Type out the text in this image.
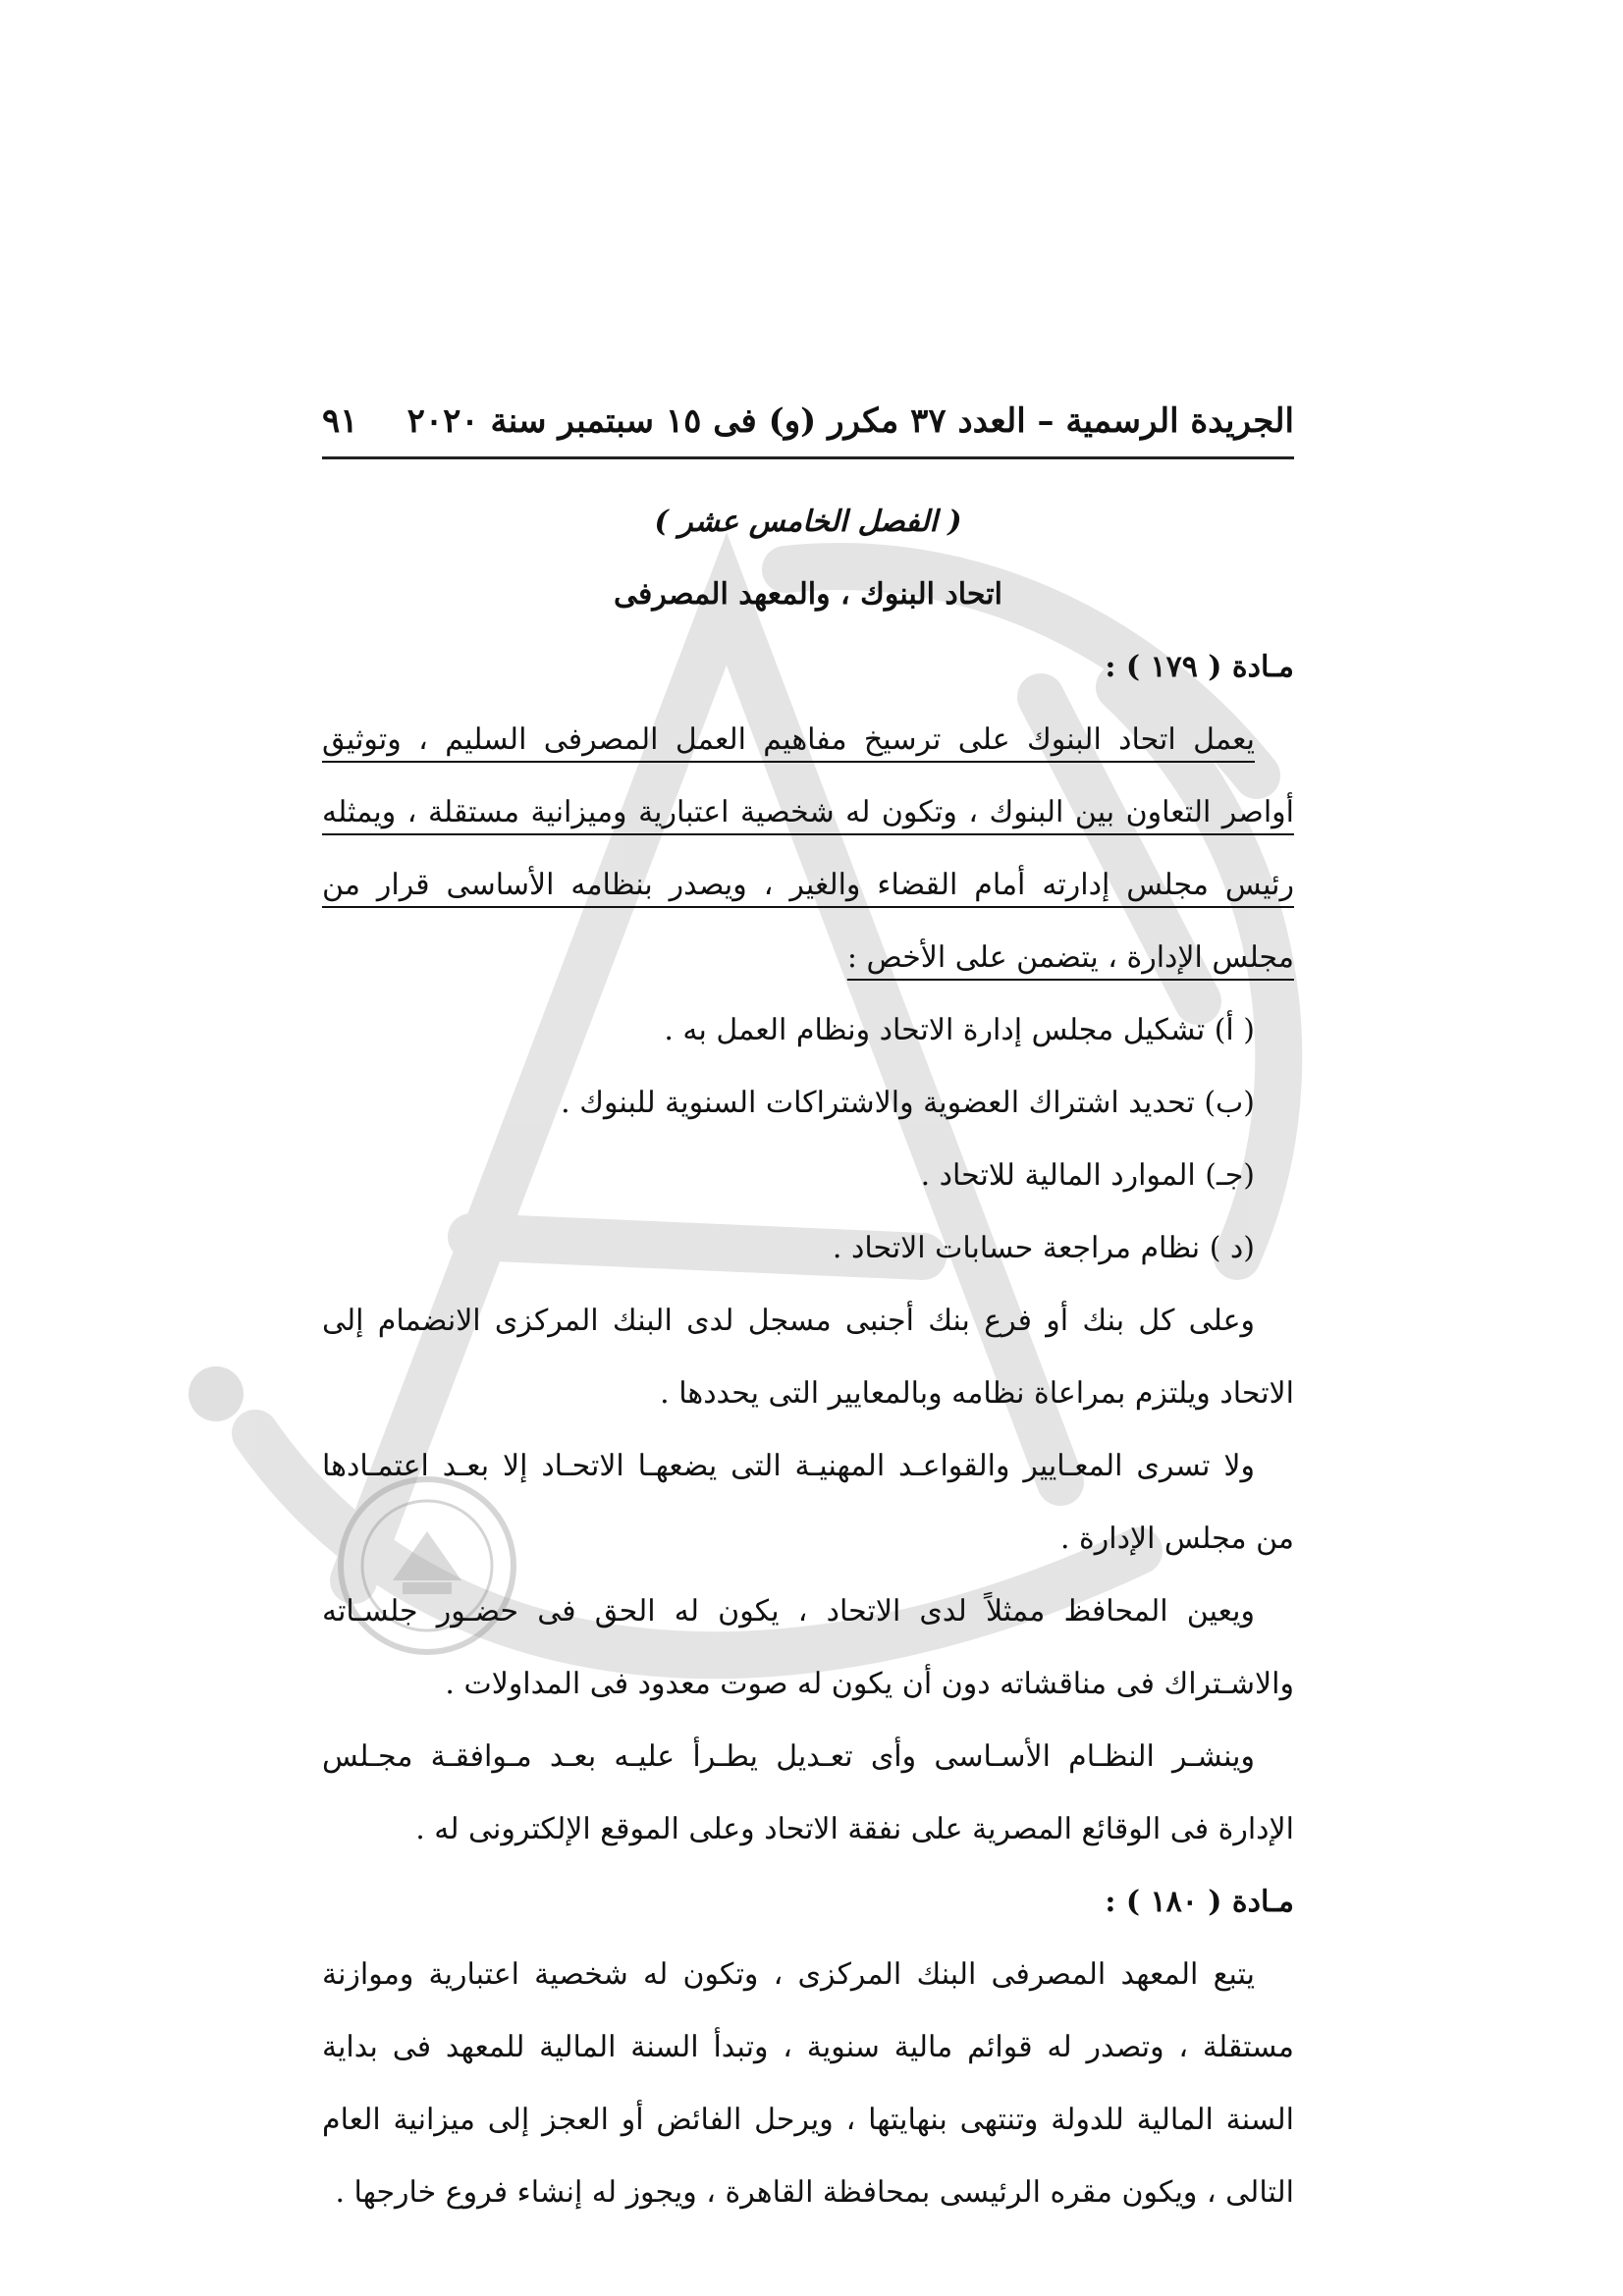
الجريدة الرسمية – العدد ٣٧ مكرر (و) فى ١٥ سبتمبر سنة ٢٠٢٠
٩١

( الفصل الخامس عشر )

اتحاد البنوك ، والمعهد المصرفى

مـادة ( ١٧٩ ) :

يعمل اتحاد البنوك على ترسيخ مفاهيم العمل المصرفى السليم ، وتوثيق أواصر التعاون بين البنوك ، وتكون له شخصية اعتبارية وميزانية مستقلة ، ويمثله رئيس مجلس إدارته أمام القضاء والغير ، ويصدر بنظامه الأساسى قرار من مجلس الإدارة ، يتضمن على الأخص :

( أ) تشكيل مجلس إدارة الاتحاد ونظام العمل به .

(ب) تحديد اشتراك العضوية والاشتراكات السنوية للبنوك .

(جـ) الموارد المالية للاتحاد .

(د ) نظام مراجعة حسابات الاتحاد .

وعلى كل بنك أو فرع بنك أجنبى مسجل لدى البنك المركزى الانضمام إلى الاتحاد ويلتزم بمراعاة نظامه وبالمعايير التى يحددها .

ولا تسرى المعـايير والقواعـد المهنيـة التى يضعهـا الاتحـاد إلا بعـد اعتمـادها من مجلس الإدارة .

ويعين المحافظ ممثلاً لدى الاتحاد ، يكون له الحق فى حضـور جلسـاته والاشـتراك فى مناقشاته دون أن يكون له صوت معدود فى المداولات .

وينشـر النظـام الأسـاسى وأى تعـديل يطـرأ عليـه بعـد مـوافقـة مجـلس الإدارة فى الوقائع المصرية على نفقة الاتحاد وعلى الموقع الإلكترونى له .

مـادة ( ١٨٠ ) :

يتبع المعهد المصرفى البنك المركزى ، وتكون له شخصية اعتبارية وموازنة مستقلة ، وتصدر له قوائم مالية سنوية ، وتبدأ السنة المالية للمعهد فى بداية السنة المالية للدولة وتنتهى بنهايتها ، ويرحل الفائض أو العجز إلى ميزانية العام التالى ، ويكون مقره الرئيسى بمحافظة القاهرة ، ويجوز له إنشاء فروع خارجها .
